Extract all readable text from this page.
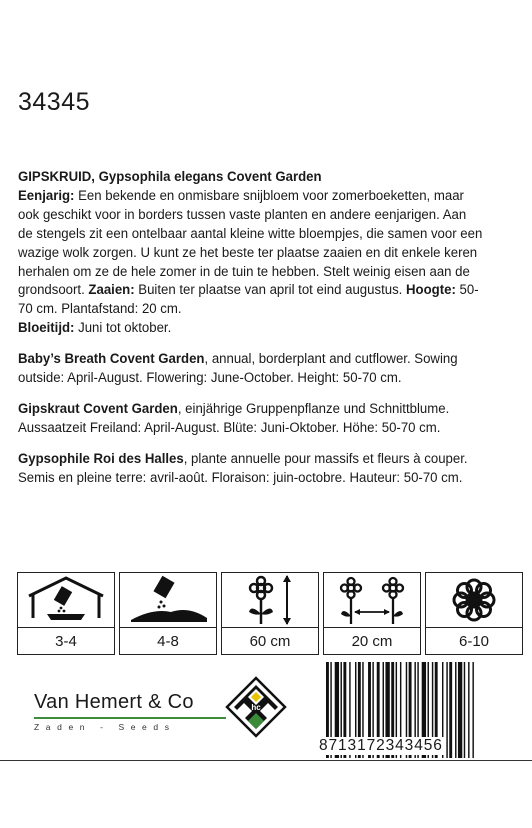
34345

GIPSKRUID, Gypsophila elegans Covent Garden
Eenjarig: Een bekende en onmisbare snijbloem voor zomerboeketten, maar ook geschikt voor in borders tussen vaste planten en andere eenjarigen. Aan de stengels zit een ontelbaar aantal kleine witte bloempjes, die samen voor een wazige wolk zorgen. U kunt ze het beste ter plaatse zaaien en dit enkele keren herhalen om ze de hele zomer in de tuin te hebben. Stelt weinig eisen aan de grondsoort. Zaaien: Buiten ter plaatse van april tot eind augustus. Hoogte: 50-70 cm. Plantafstand: 20 cm.
Bloeitijd: Juni tot oktober.

Baby’s Breath Covent Garden, annual, borderplant and cutflower. Sowing outside: April-August. Flowering: June-October. Height: 50-70 cm.

Gipskraut Covent Garden, einjährige Gruppenpflanze und Schnittblume. Aussaatzeit Freiland: April-August. Blüte: Juni-Oktober. Höhe: 50-70 cm.

Gypsophile Roi des Halles, plante annuelle pour massifs et fleurs à couper. Semis en pleine terre: avril-août. Floraison: juin-octobre. Hauteur: 50-70 cm.

3-4	4-8	60 cm	20 cm	6-10
Van Hemert & Co
Zaden - Seeds
hc
8713172343456
